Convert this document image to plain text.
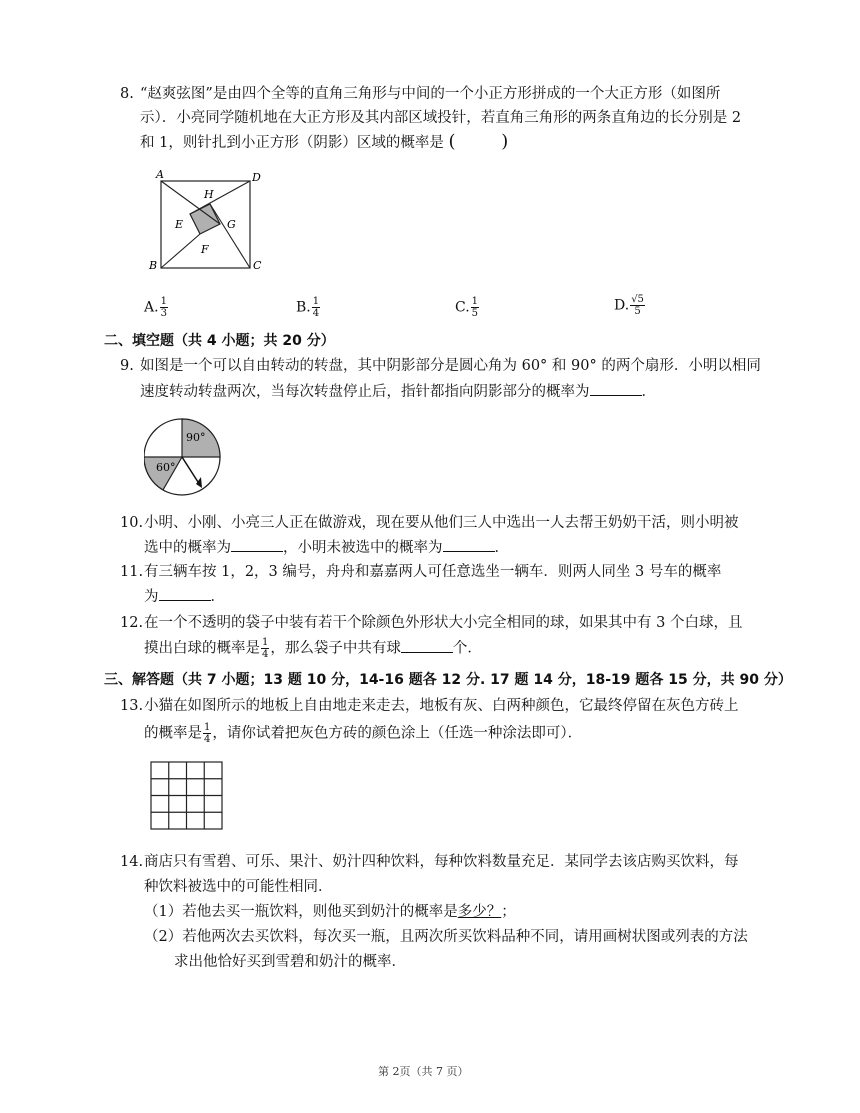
8. “赵爽弦图”是由四个全等的直角三角形与中间的一个小正方形拼成的一个大正方形（如图所
示）．小亮同学随机地在大正方形及其内部区域投针，若直角三角形的两条直角边的长分别是 2
和 1，则针扎到小正方形（阴影）区域的概率是 (        )
A	D
H
E	G
F
B	C
A. $\frac{1}{3}$	B. $\frac{1}{4}$	C. $\frac{1}{5}$	D. $\frac{√5}{5}$
二、填空题（共 4 小题；共 20 分）
9. 如图是一个可以自由转动的转盘，其中阴影部分是圆心角为 60° 和 90° 的两个扇形．小明以相同
速度转动转盘两次，当每次转盘停止后，指针都指向阴影部分的概率为	．
90°
60°
10. 小明、小刚、小亮三人正在做游戏，现在要从他们三人中选出一人去帮王奶奶干活，则小明被
选中的概率为	，小明未被选中的概率为	．
11. 有三辆车按 1，2，3 编号，舟舟和嘉嘉两人可任意选坐一辆车．则两人同坐 3 号车的概率
为	．
12. 在一个不透明的袋子中装有若干个除颜色外形状大小完全相同的球，如果其中有 3 个白球，且
摸出白球的概率是 $\frac{1}{4}$ ，那么袋子中共有球	个．
三、解答题（共 7 小题；13 题 10 分，14-16 题各 12 分. 17 题 14 分，18-19 题各 15 分，共 90 分）
13. 小猫在如图所示的地板上自由地走来走去，地板有灰、白两种颜色，它最终停留在灰色方砖上
的概率是 $\frac{1}{4}$ ，请你试着把灰色方砖的颜色涂上（任选一种涂法即可）．
14. 商店只有雪碧、可乐、果汁、奶汁四种饮料，每种饮料数量充足．某同学去该店购买饮料，每
种饮料被选中的可能性相同．
（1）若他去买一瓶饮料，则他买到奶汁的概率是多少？；
（2）若他两次去买饮料，每次买一瓶，且两次所买饮料品种不同，请用画树状图或列表的方法
求出他恰好买到雪碧和奶汁的概率．
第 2页（共 7 页）
